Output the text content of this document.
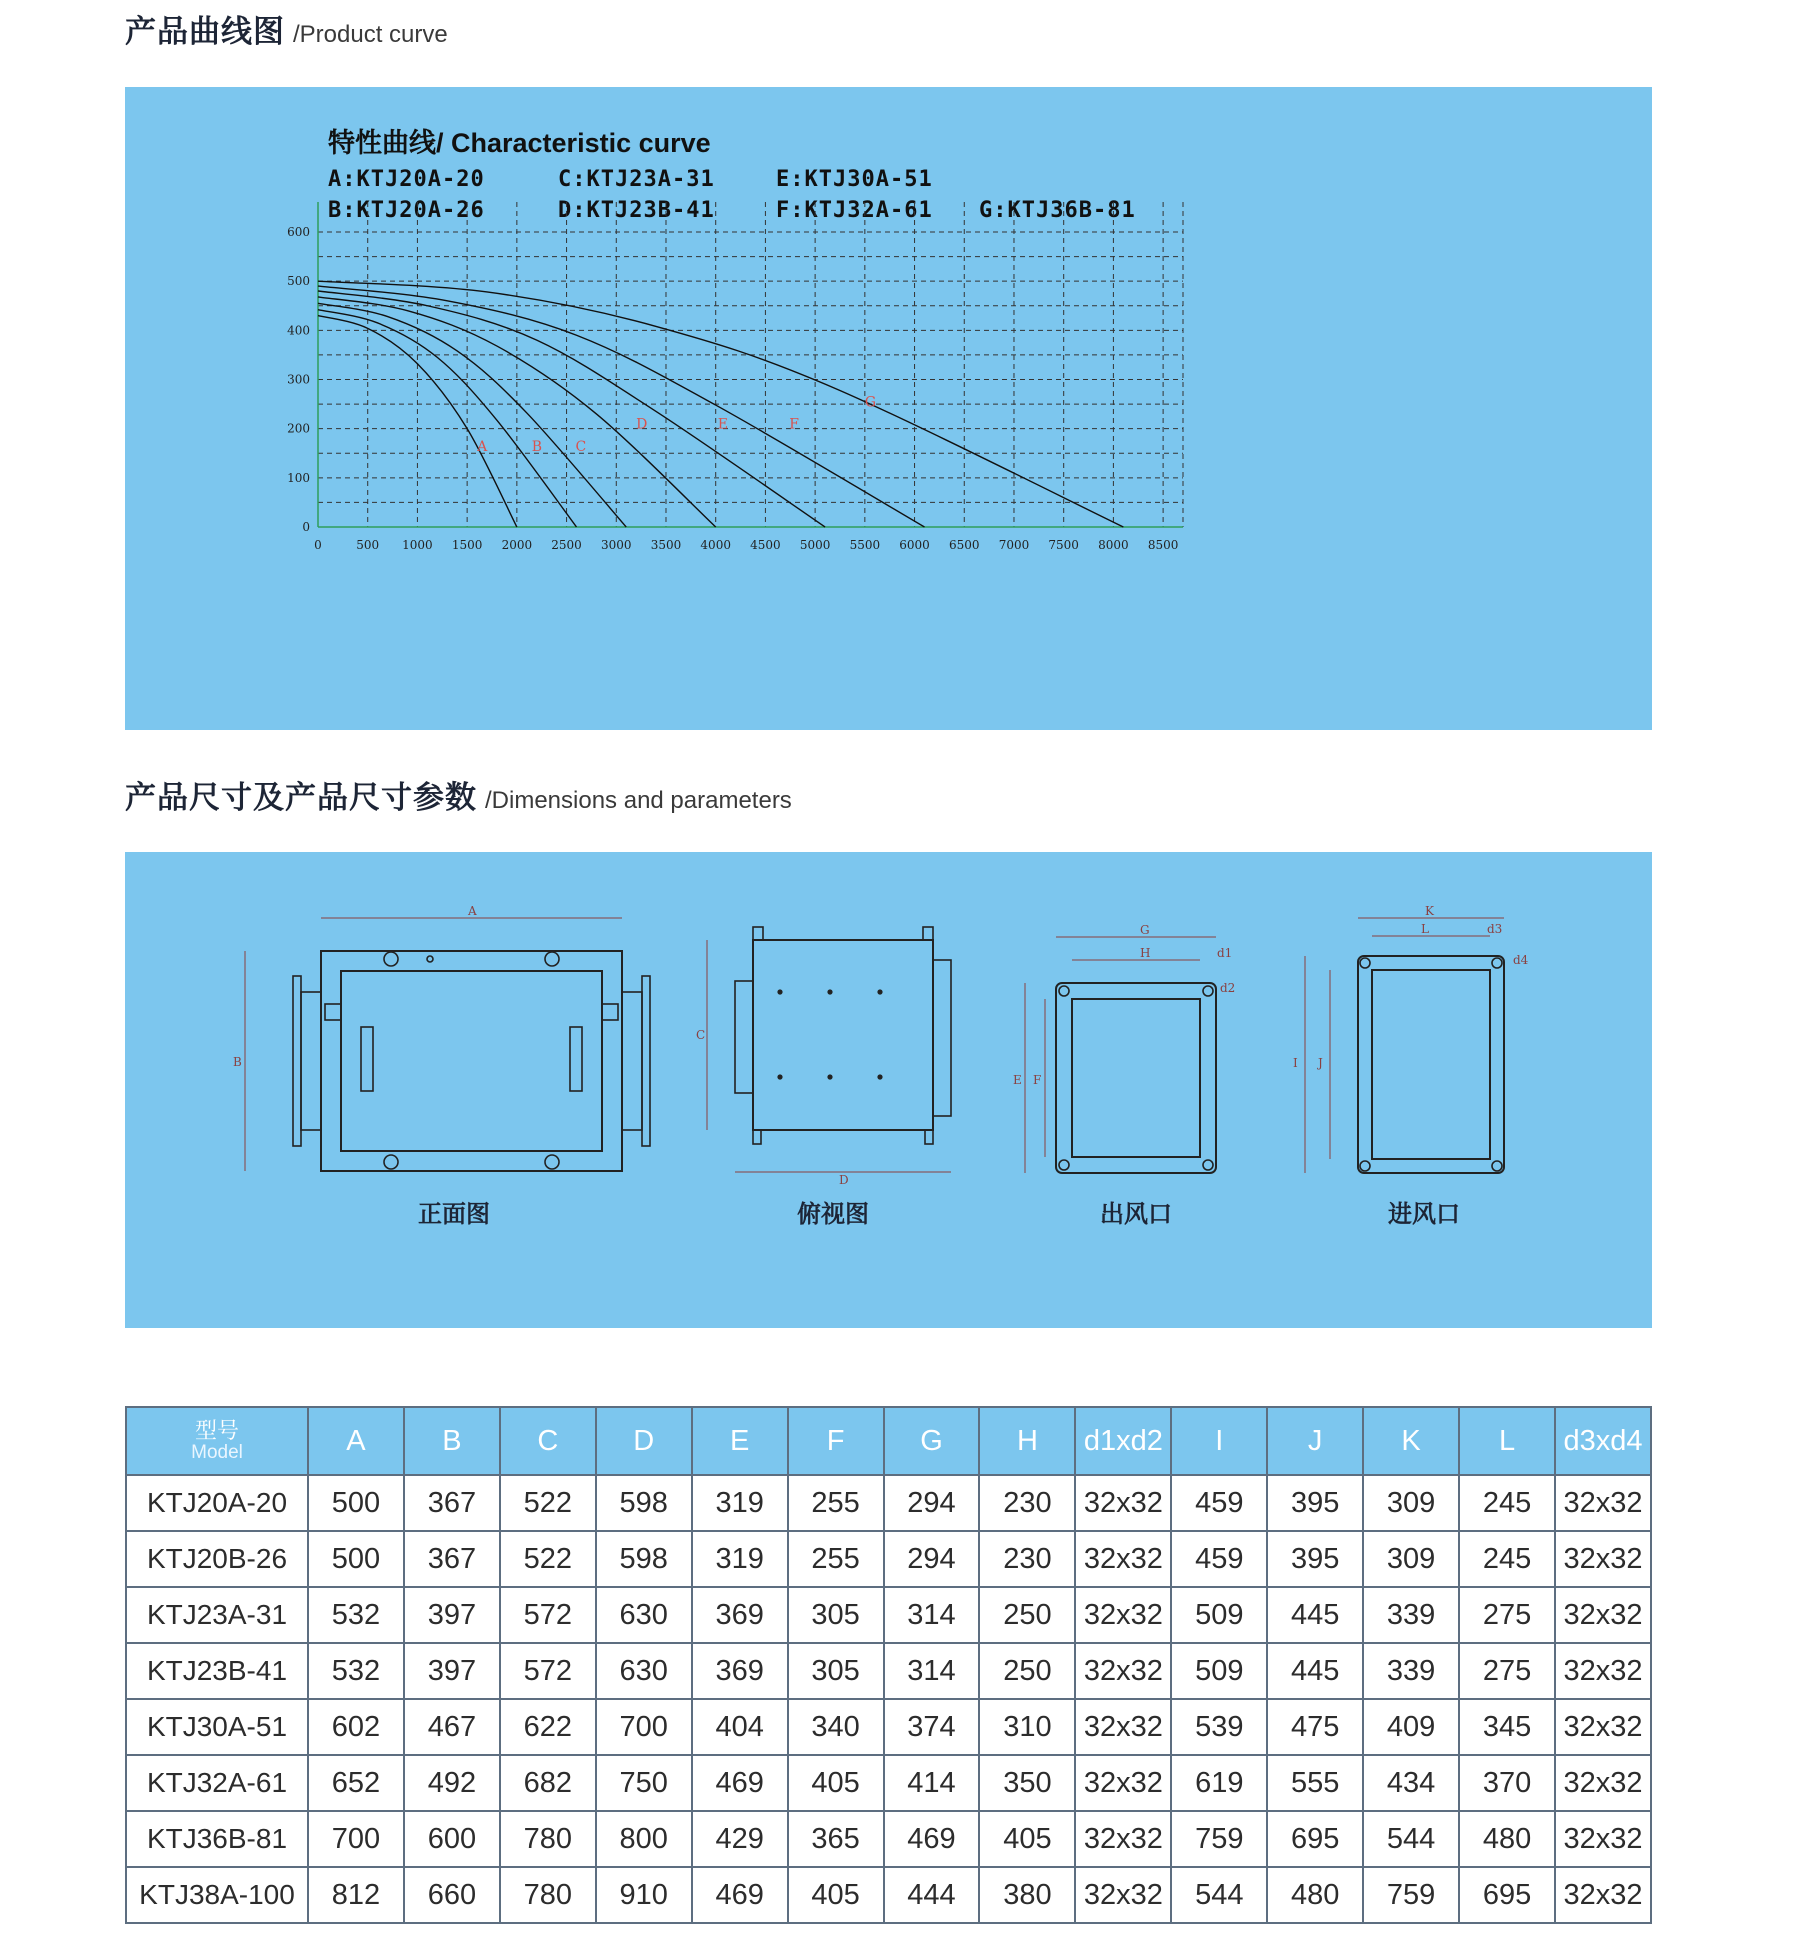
产品曲线图 /Product curve
特性曲线/ Characteristic curve
A:KTJ20A-20
B:KTJ20A-26
C:KTJ23A-31
D:KTJ23B-41
E:KTJ30A-51
F:KTJ32A-61 G:KTJ36B-81
0
100
200
300
400
500
600
0	500 1000 1500 2000 2500 3000 3500 4000 4500 5000 5500 6000 6500 7000 7500 8000 8500
A	B C
D	E	F
G
产品尺寸及产品尺寸参数 /Dimensions and parameters
A
B
C
D
E F
G
H	d1
d2
I J
K
L	d3
d4
正面图	俯视图	出风口	进风口
型号
Model	A	B	C	D	E	F	G	H	d1xd2	I	J	K	L	d3xd4
KTJ20A-20	500	367	522	598	319	255	294	230	32x32	459	395	309	245	32x32
KTJ20B-26	500	367	522	598	319	255	294	230	32x32	459	395	309	245	32x32
KTJ23A-31	532	397	572	630	369	305	314	250	32x32	509	445	339	275	32x32
KTJ23B-41	532	397	572	630	369	305	314	250	32x32	509	445	339	275	32x32
KTJ30A-51	602	467	622	700	404	340	374	310	32x32	539	475	409	345	32x32
KTJ32A-61	652	492	682	750	469	405	414	350	32x32	619	555	434	370	32x32
KTJ36B-81	700	600	780	800	429	365	469	405	32x32	759	695	544	480	32x32
KTJ38A-100	812	660	780	910	469	405	444	380	32x32	544	480	759	695	32x32
